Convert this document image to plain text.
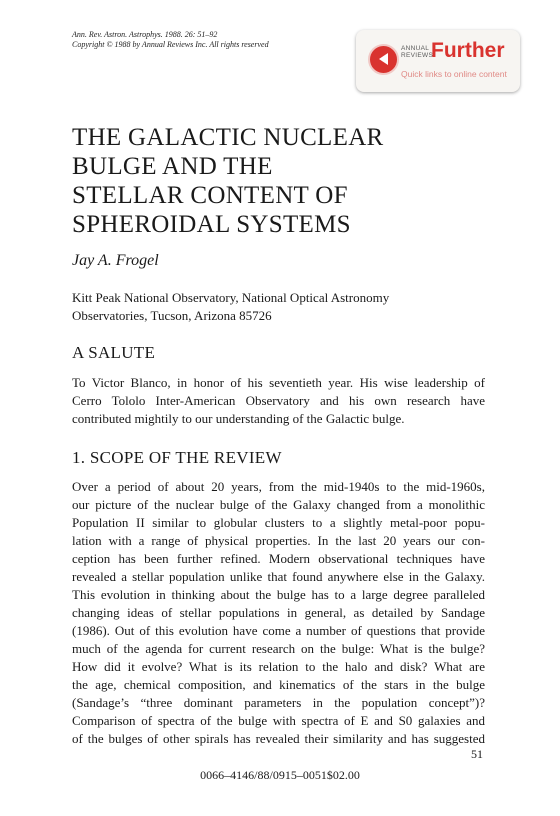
Ann. Rev. Astron. Astrophys. 1988. 26: 51–92
Copyright © 1988 by Annual Reviews Inc. All rights reserved	ANNUAL
REVIEWS
Further
Quick links to online content
THE GALACTIC NUCLEAR
BULGE AND THE
STELLAR CONTENT OF
SPHEROIDAL SYSTEMS
Jay A. Frogel
Kitt Peak National Observatory, National Optical Astronomy
Observatories, Tucson, Arizona 85726
A SALUTE
To Victor Blanco, in honor of his seventieth year. His wise leadership of
Cerro Tololo Inter-American Observatory and his own research have
contributed mightily to our understanding of the Galactic bulge.
1. SCOPE OF THE REVIEW
Over a period of about 20 years, from the mid-1940s to the mid-1960s,
our picture of the nuclear bulge of the Galaxy changed from a monolithic
Population II similar to globular clusters to a slightly metal-poor popu-
lation with a range of physical properties. In the last 20 years our con-
ception has been further refined. Modern observational techniques have
revealed a stellar population unlike that found anywhere else in the Galaxy.
This evolution in thinking about the bulge has to a large degree paralleled
changing ideas of stellar populations in general, as detailed by Sandage
(1986). Out of this evolution have come a number of questions that provide
much of the agenda for current research on the bulge: What is the bulge?
How did it evolve? What is its relation to the halo and disk? What are
the age, chemical composition, and kinematics of the stars in the bulge
(Sandage’s “three dominant parameters in the population concept”)?
Comparison of spectra of the bulge with spectra of E and S0 galaxies and
of the bulges of other spirals has revealed their similarity and has suggested
51
0066–4146/88/0915–0051$02.00
